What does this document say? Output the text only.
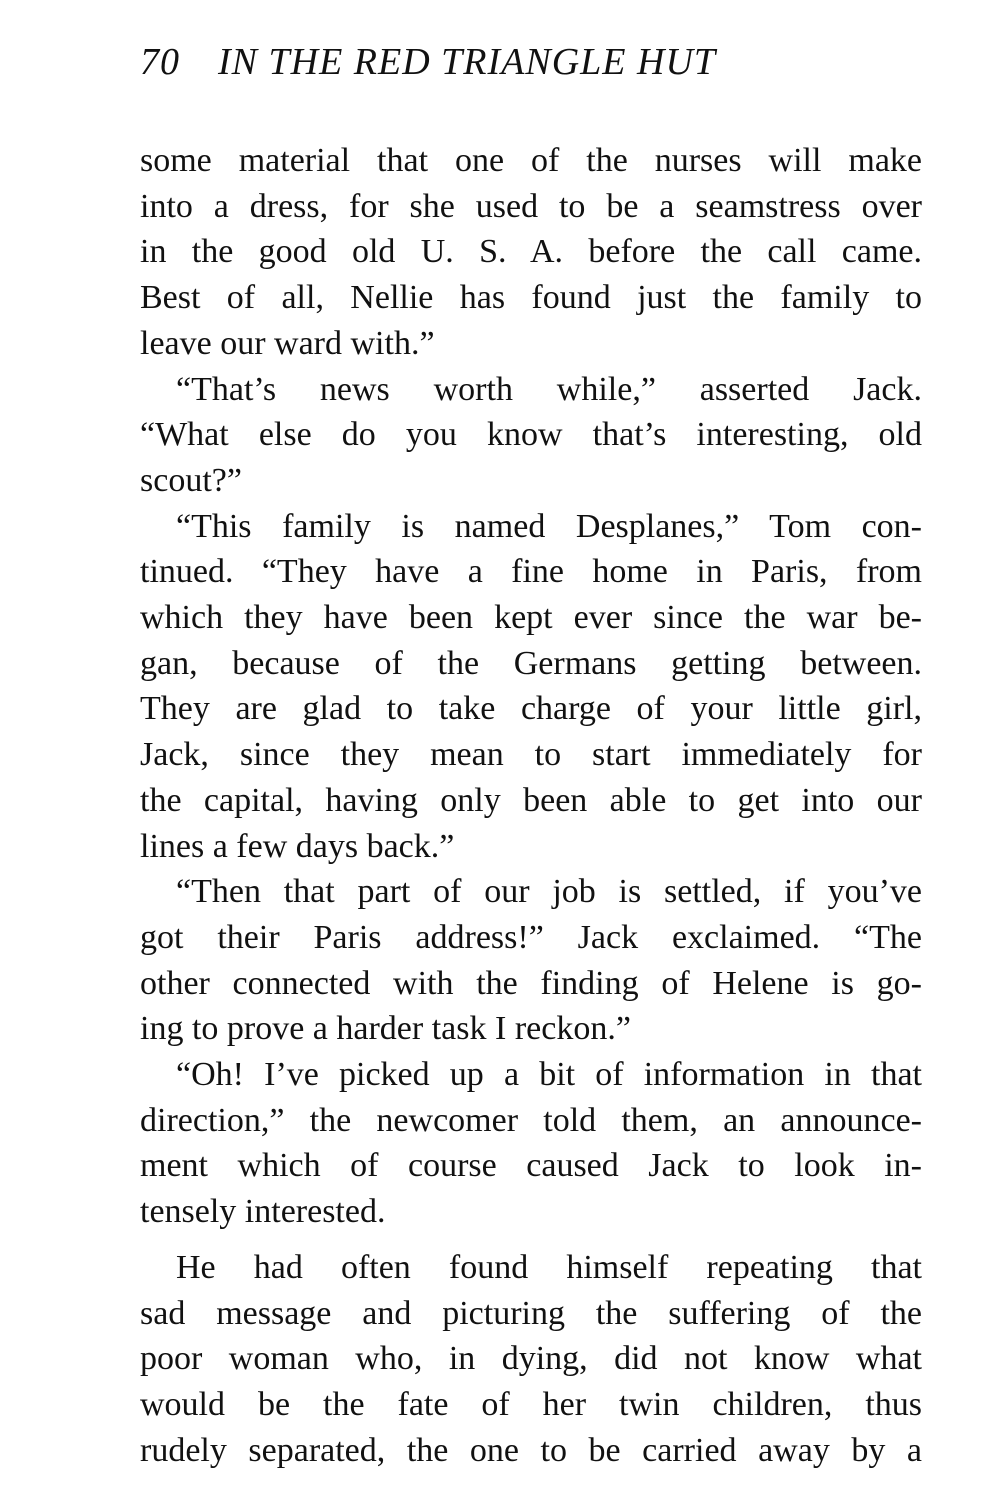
70 IN THE RED TRIANGLE HUT
some material that one of the nurses will make
into a dress, for she used to be a seamstress over
in the good old U. S. A. before the call came.
Best of all, Nellie has found just the family to
leave our ward with.”
“That’s news worth while,” asserted Jack.
“What else do you know that’s interesting, old
scout?”
“This family is named Desplanes,” Tom con-
tinued. “They have a fine home in Paris, from
which they have been kept ever since the war be-
gan, because of the Germans getting between.
They are glad to take charge of your little girl,
Jack, since they mean to start immediately for
the capital, having only been able to get into our
lines a few days back.”
“Then that part of our job is settled, if you’ve
got their Paris address!” Jack exclaimed. “The
other connected with the finding of Helene is go-
ing to prove a harder task I reckon.”
“Oh! I’ve picked up a bit of information in that
direction,” the newcomer told them, an announce-
ment which of course caused Jack to look in-
tensely interested.
He had often found himself repeating that
sad message and picturing the suffering of the
poor woman who, in dying, did not know what
would be the fate of her twin children, thus
rudely separated, the one to be carried away by a
